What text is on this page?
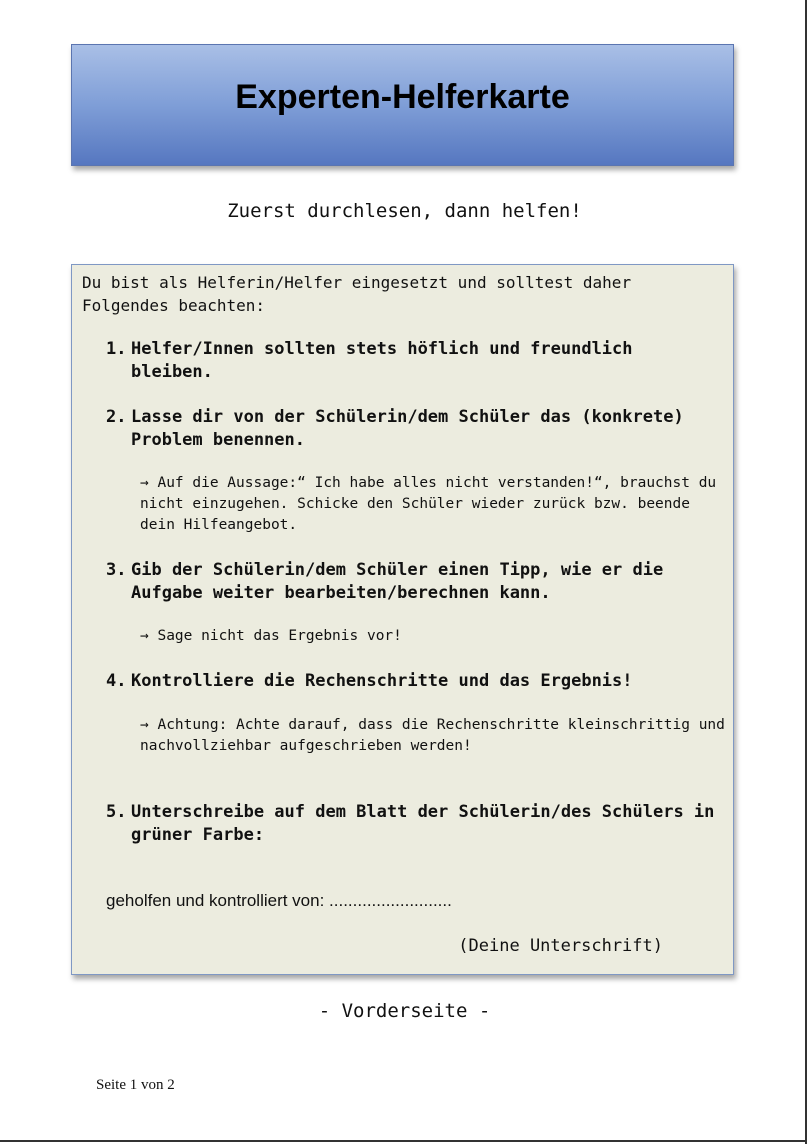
Experten-Helferkarte
Zuerst durchlesen, dann helfen!
Du bist als Helferin/Helfer eingesetzt und solltest daher Folgendes beachten:
1. Helfer/Innen sollten stets höflich und freundlich bleiben.
2. Lasse dir von der Schülerin/dem Schüler das (konkrete) Problem benennen.
→ Auf die Aussage:“ Ich habe alles nicht verstanden!“, brauchst du nicht einzugehen. Schicke den Schüler wieder zurück bzw. beende dein Hilfeangebot.
3. Gib der Schülerin/dem Schüler einen Tipp, wie er die Aufgabe weiter bearbeiten/berechnen kann.
→ Sage nicht das Ergebnis vor!
4. Kontrolliere die Rechenschritte und das Ergebnis!
→ Achtung: Achte darauf, dass die Rechenschritte kleinschrittig und nachvollziehbar aufgeschrieben werden!
5. Unterschreibe auf dem Blatt der Schülerin/des Schülers in grüner Farbe:
geholfen und kontrolliert von: ..........................
(Deine Unterschrift)
- Vorderseite -
Seite 1 von 2
